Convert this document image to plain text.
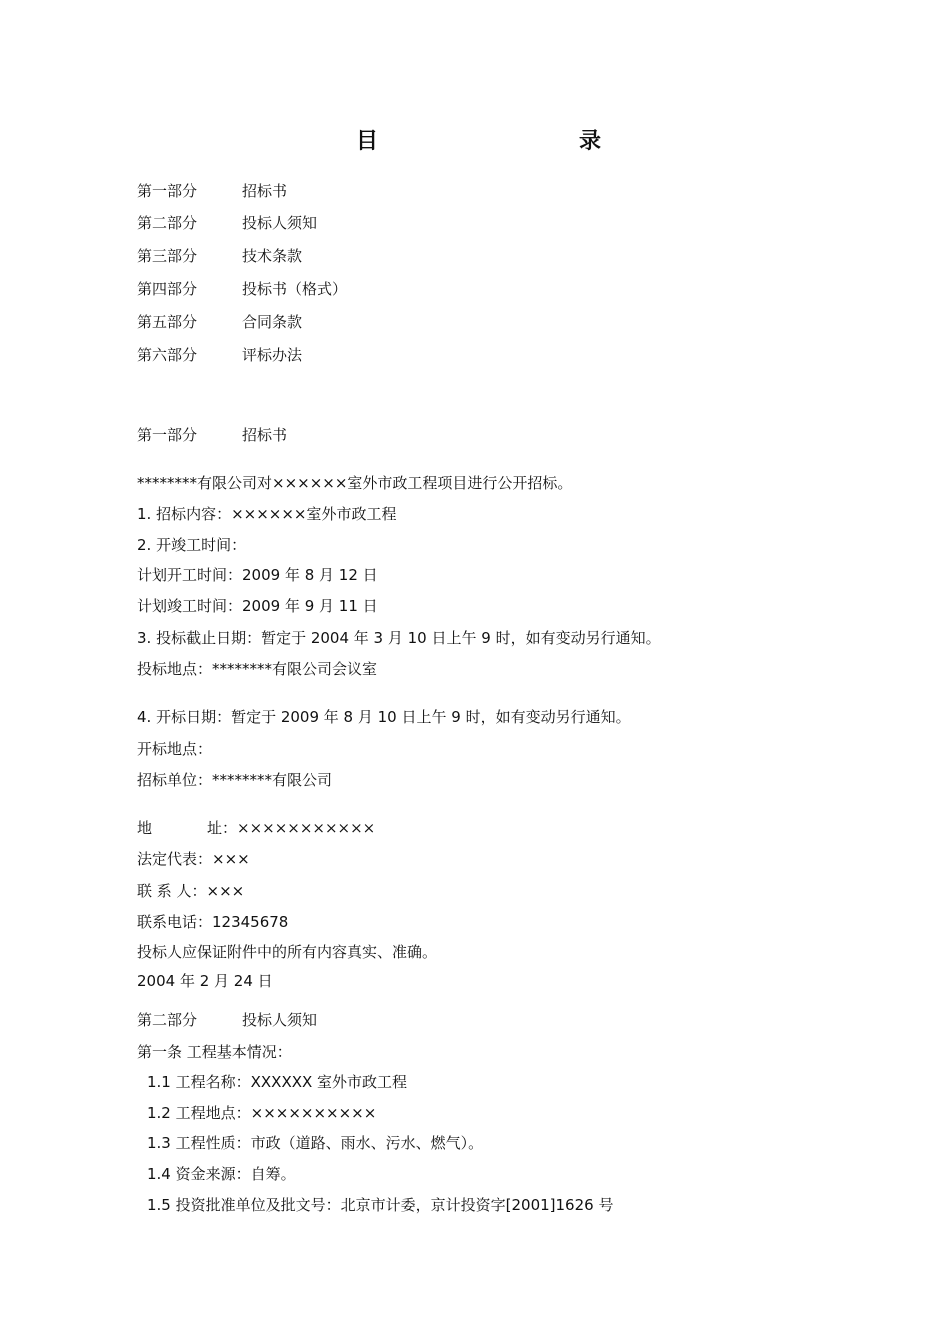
目	录
第一部分	招标书
第二部分	投标人须知
第三部分	技术条款
第四部分	投标书（格式）
第五部分	合同条款
第六部分	评标办法
第一部分	招标书
********有限公司对××××××室外市政工程项目进行公开招标。
1. 招标内容：××××××室外市政工程
2. 开竣工时间：
计划开工时间：2009 年 8 月 12 日
计划竣工时间：2009 年 9 月 11 日
3. 投标截止日期：暂定于 2004 年 3 月 10 日上午 9 时，如有变动另行通知。
投标地点：********有限公司会议室
4. 开标日期：暂定于 2009 年 8 月 10 日上午 9 时，如有变动另行通知。
开标地点：
招标单位：********有限公司
地	址：×××××××××××
法定代表：×××
联 系 人：×××
联系电话：12345678
投标人应保证附件中的所有内容真实、准确。
2004 年 2 月 24 日
第二部分	投标人须知
第一条 工程基本情况：
1.1 工程名称：XXXXXX 室外市政工程
1.2 工程地点：××××××××××
1.3 工程性质：市政（道路、雨水、污水、燃气）。
1.4 资金来源：自筹。
1.5 投资批准单位及批文号：北京市计委，京计投资字[2001]1626 号
